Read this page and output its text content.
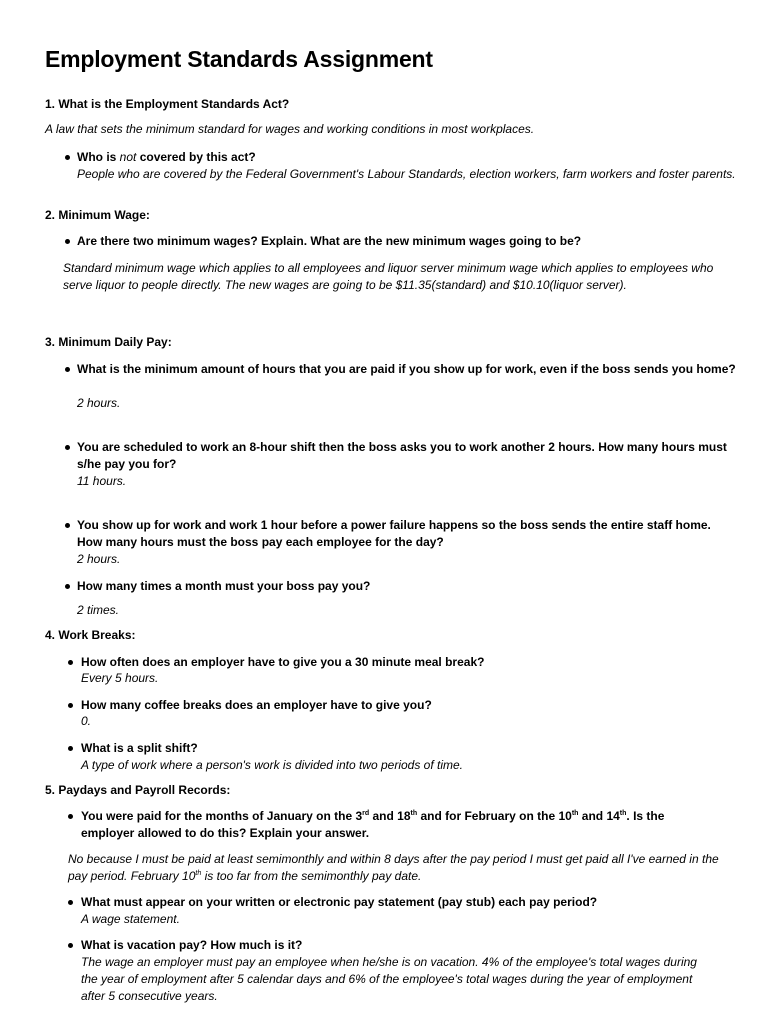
Employment Standards Assignment
1. What is the Employment Standards Act?
A law that sets the minimum standard for wages and working conditions in most workplaces.
Who is not covered by this act?
People who are covered by the Federal Government's Labour Standards, election workers, farm workers and foster parents.
2. Minimum Wage:
Are there two minimum wages? Explain. What are the new minimum wages going to be?
Standard minimum wage which applies to all employees and liquor server minimum wage which applies to employees who serve liquor to people directly. The new wages are going to be $11.35(standard) and $10.10(liquor server).
3. Minimum Daily Pay:
What is the minimum amount of hours that you are paid if you show up for work, even if the boss sends you home?
2 hours.
You are scheduled to work an 8-hour shift then the boss asks you to work another 2 hours. How many hours must s/he pay you for?
11 hours.
You show up for work and work 1 hour before a power failure happens so the boss sends the entire staff home. How many hours must the boss pay each employee for the day?
2 hours.
How many times a month must your boss pay you?
2 times.
4. Work Breaks:
How often does an employer have to give you a 30 minute meal break?
Every 5 hours.
How many coffee breaks does an employer have to give you?
0.
What is a split shift?
A type of work where a person's work is divided into two periods of time.
5. Paydays and Payroll Records:
You were paid for the months of January on the 3rd and 18th and for February on the 10th and 14th. Is the employer allowed to do this? Explain your answer.
No because I must be paid at least semimonthly and within 8 days after the pay period I must get paid all I've earned in the pay period. February 10th is too far from the semimonthly pay date.
What must appear on your written or electronic pay statement (pay stub) each pay period?
A wage statement.
What is vacation pay? How much is it?
The wage an employer must pay an employee when he/she is on vacation. 4% of the employee's total wages during the year of employment after 5 calendar days and 6% of the employee's total wages during the year of employment after 5 consecutive years.
